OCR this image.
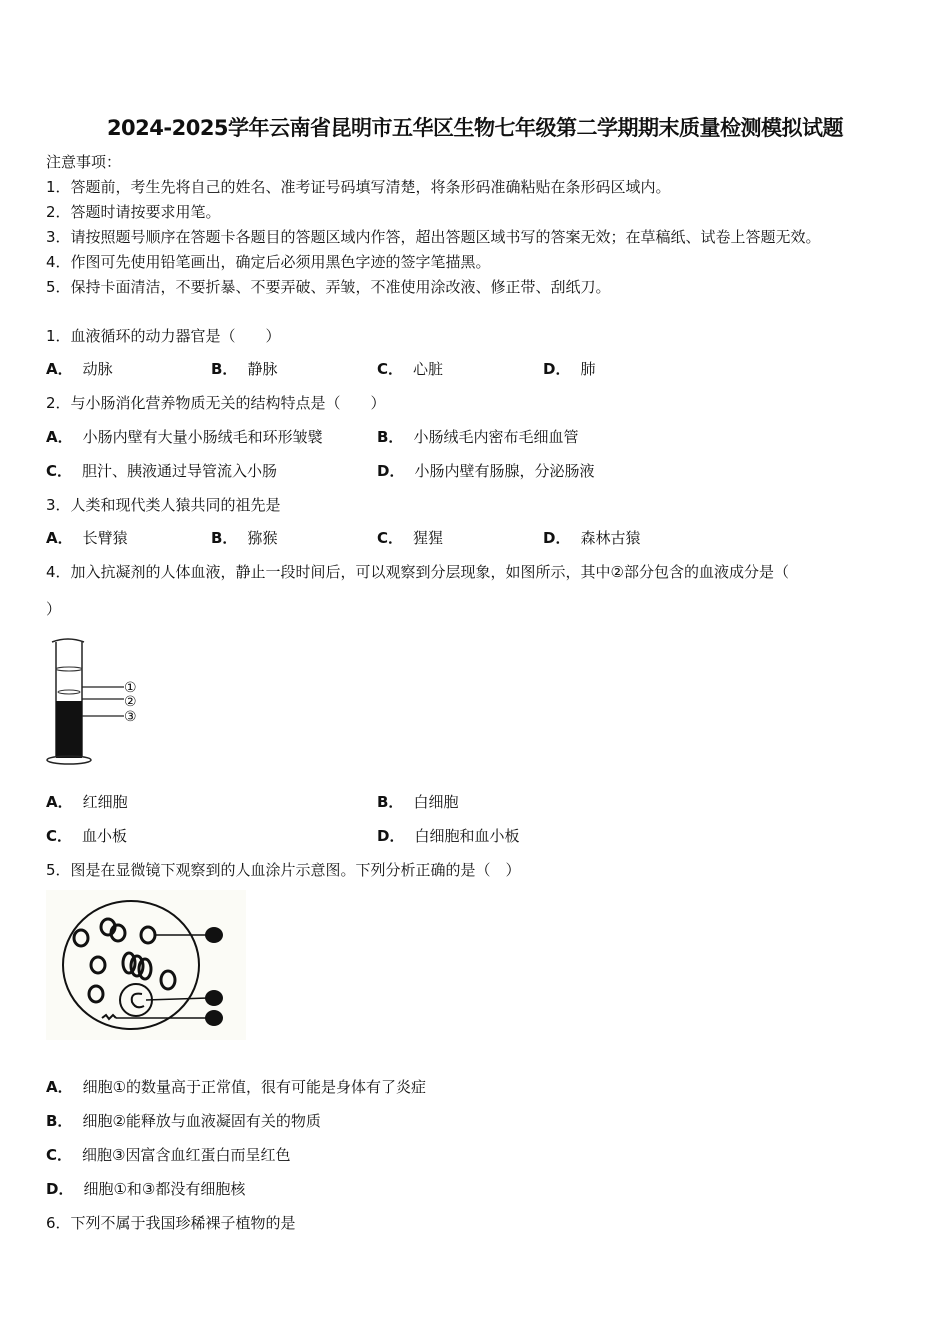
2024-2025学年云南省昆明市五华区生物七年级第二学期期末质量检测模拟试题
注意事项：
1．答题前，考生先将自己的姓名、准考证号码填写清楚，将条形码准确粘贴在条形码区域内。
2．答题时请按要求用笔。
3．请按照题号顺序在答题卡各题目的答题区域内作答，超出答题区域书写的答案无效；在草稿纸、试卷上答题无效。
4．作图可先使用铅笔画出，确定后必须用黑色字迹的签字笔描黑。
5．保持卡面清洁，不要折暴、不要弄破、弄皱，不准使用涂改液、修正带、刮纸刀。
1．血液循环的动力器官是（　　）
A． 动脉	B． 静脉	C． 心脏	D． 肺
2．与小肠消化营养物质无关的结构特点是（　　）
A． 小肠内壁有大量小肠绒毛和环形皱襞	B． 小肠绒毛内密布毛细血管
C． 胆汁、胰液通过导管流入小肠	D． 小肠内壁有肠腺，分泌肠液
3．人类和现代类人猿共同的祖先是
A． 长臂猿	B． 猕猴	C． 猩猩	D． 森林古猿
4．加入抗凝剂的人体血液，静止一段时间后，可以观察到分层现象，如图所示，其中②部分包含的血液成分是（
）
①
②
③
A． 红细胞	B． 白细胞
C． 血小板	D． 白细胞和血小板
5．图是在显微镜下观察到的人血涂片示意图。下列分析正确的是（　）
A． 细胞①的数量高于正常值，很有可能是身体有了炎症
B． 细胞②能释放与血液凝固有关的物质
C． 细胞③因富含血红蛋白而呈红色
D． 细胞①和③都没有细胞核
6．下列不属于我国珍稀裸子植物的是
